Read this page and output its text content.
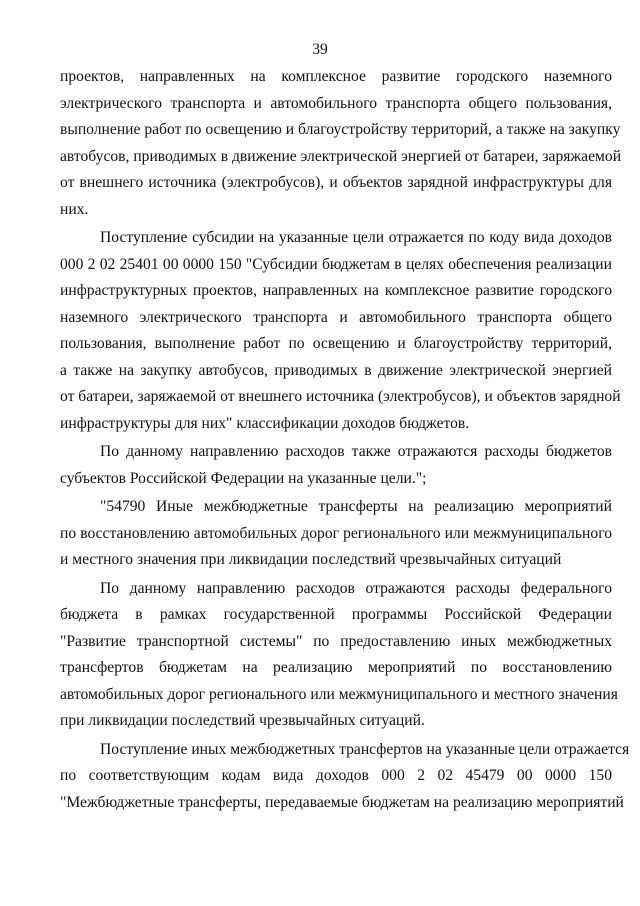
39
проектов, направленных на комплексное развитие городского наземного
электрического транспорта и автомобильного транспорта общего пользования,
выполнение работ по освещению и благоустройству территорий, а также на закупку
автобусов, приводимых в движение электрической энергией от батареи, заряжаемой
от внешнего источника (электробусов), и объектов зарядной инфраструктуры для
них.
Поступление субсидии на указанные цели отражается по коду вида доходов
000 2 02 25401 00 0000 150 "Субсидии бюджетам в целях обеспечения реализации
инфраструктурных проектов, направленных на комплексное развитие городского
наземного электрического транспорта и автомобильного транспорта общего
пользования, выполнение работ по освещению и благоустройству территорий,
а также на закупку автобусов, приводимых в движение электрической энергией
от батареи, заряжаемой от внешнего источника (электробусов), и объектов зарядной
инфраструктуры для них" классификации доходов бюджетов.
По данному направлению расходов также отражаются расходы бюджетов
субъектов Российской Федерации на указанные цели.";
"54790 Иные межбюджетные трансферты на реализацию мероприятий
по восстановлению автомобильных дорог регионального или межмуниципального
и местного значения при ликвидации последствий чрезвычайных ситуаций
По данному направлению расходов отражаются расходы федерального
бюджета в рамках государственной программы Российской Федерации
"Развитие транспортной системы" по предоставлению иных межбюджетных
трансфертов бюджетам на реализацию мероприятий по восстановлению
автомобильных дорог регионального или межмуниципального и местного значения
при ликвидации последствий чрезвычайных ситуаций.
Поступление иных межбюджетных трансфертов на указанные цели отражается
по соответствующим кодам вида доходов 000 2 02 45479 00 0000 150
"Межбюджетные трансферты, передаваемые бюджетам на реализацию мероприятий
